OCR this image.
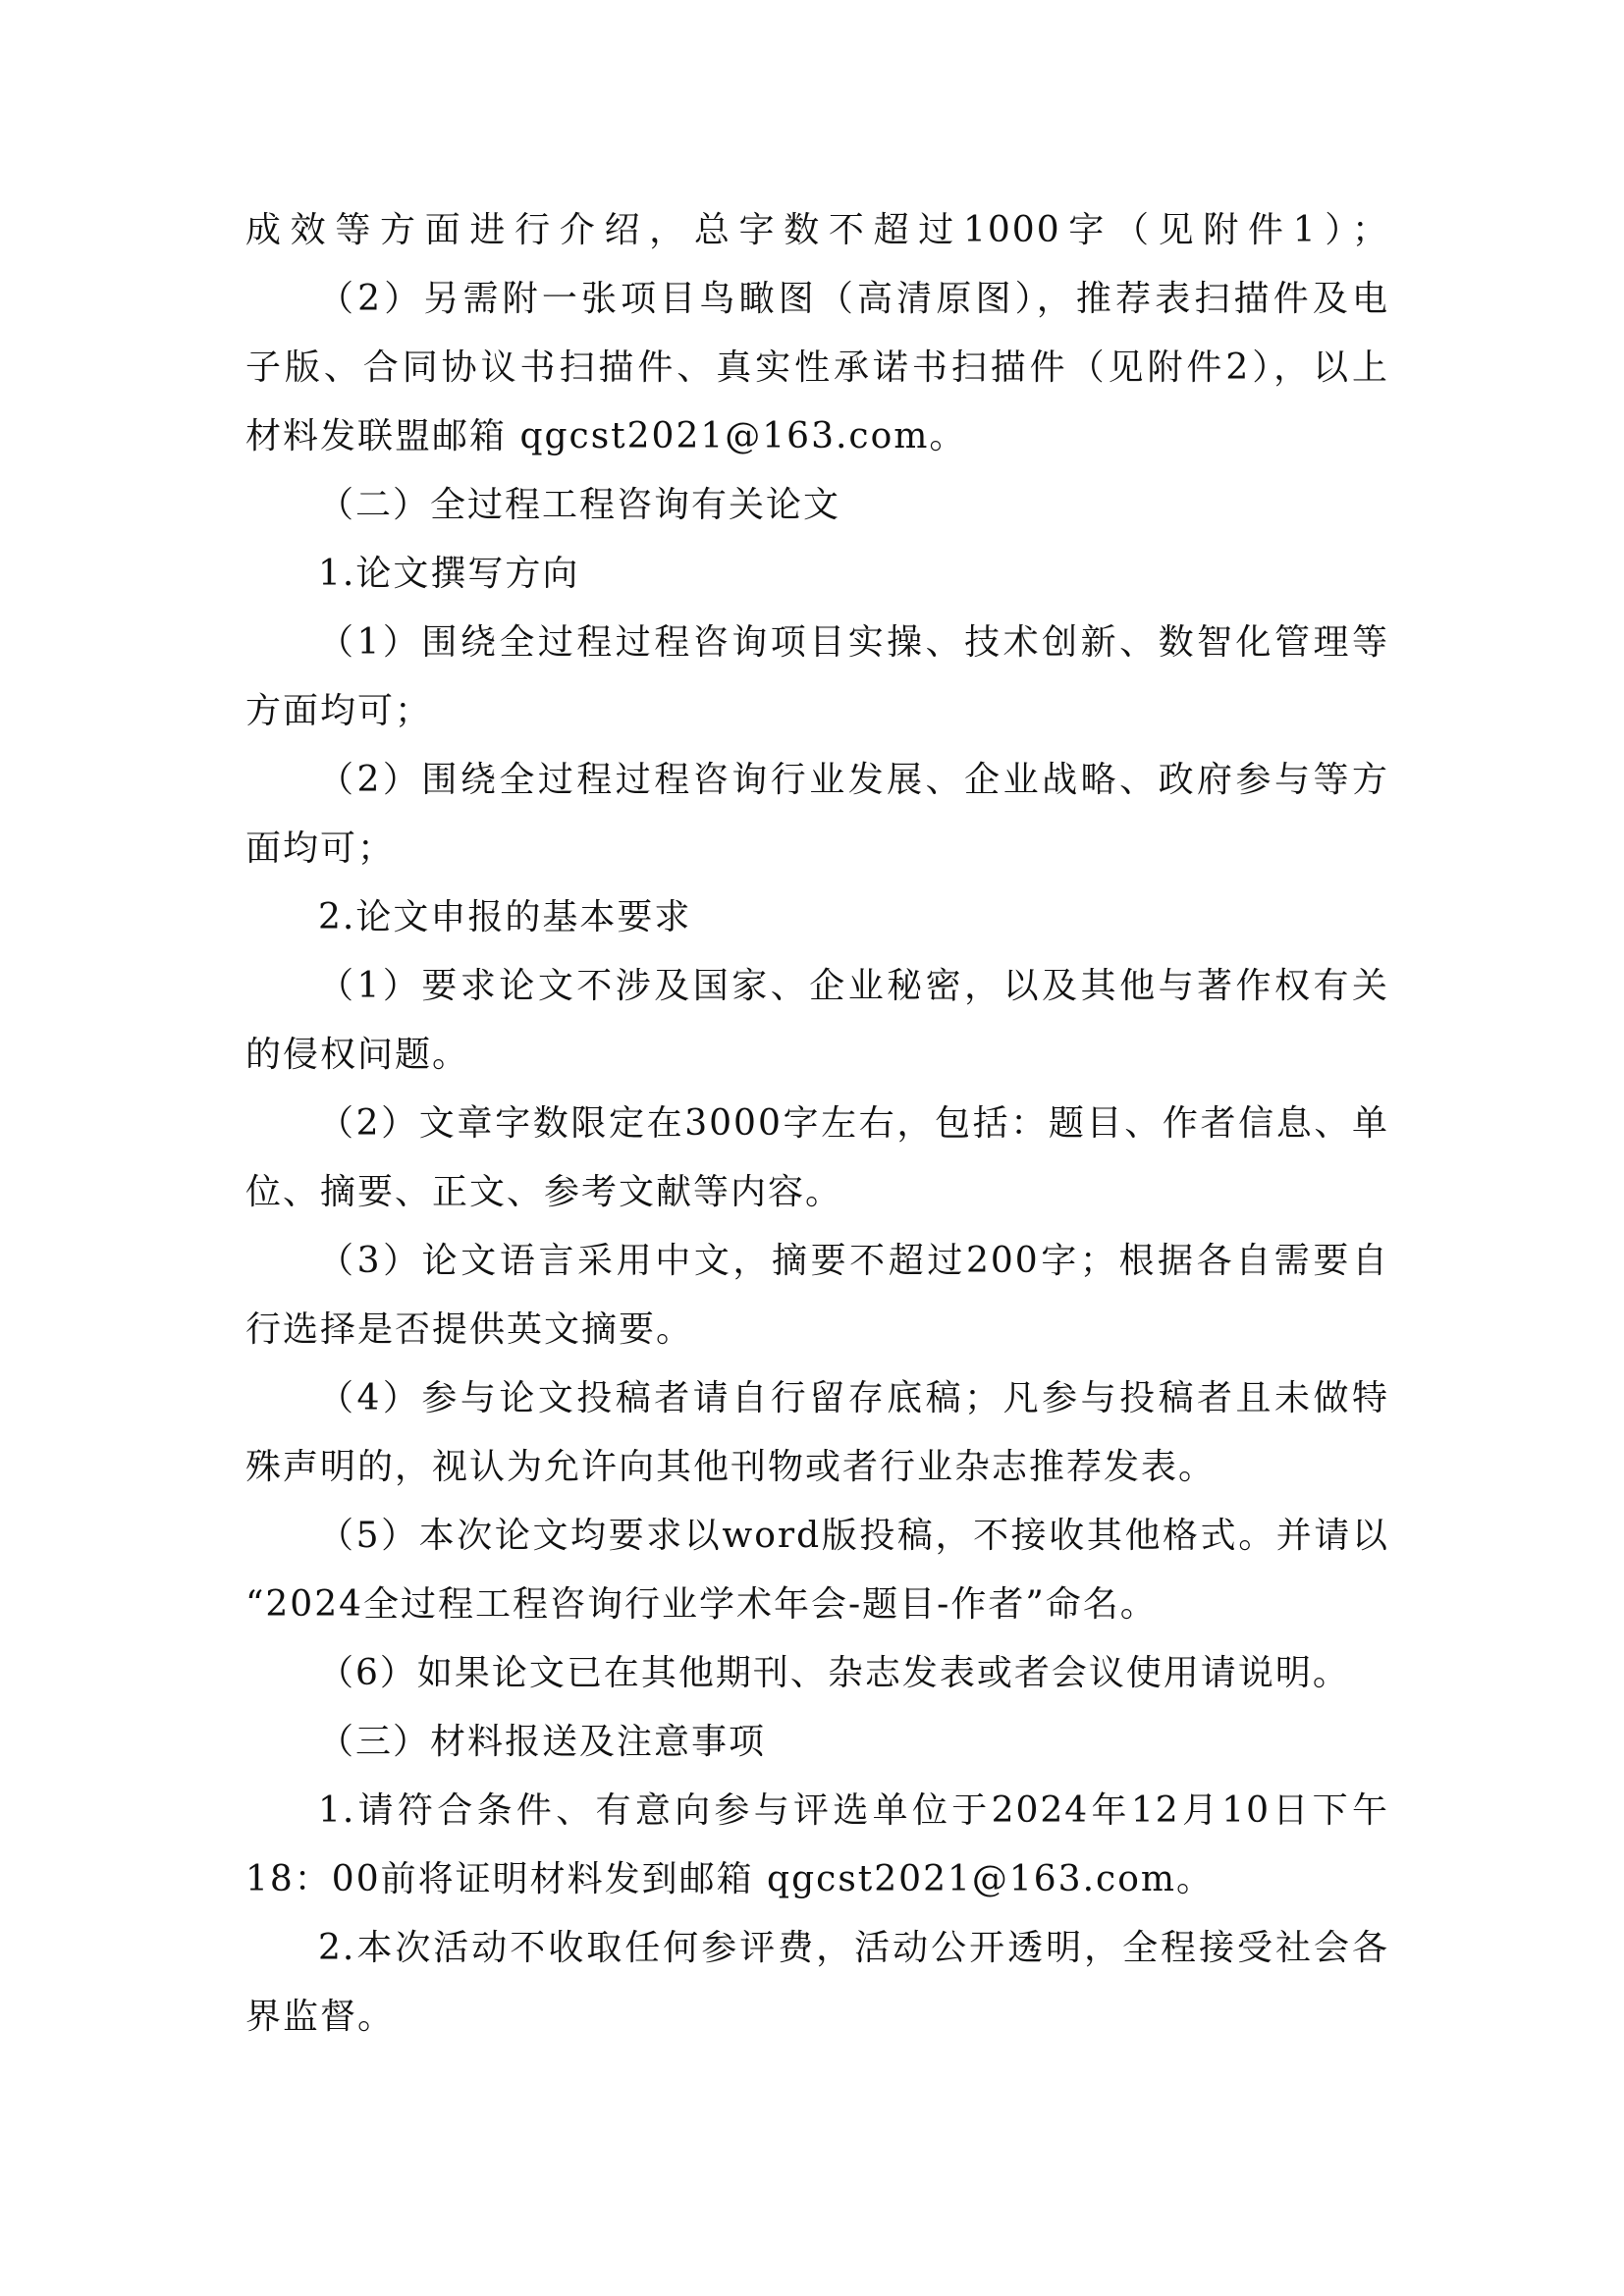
成效等方面进行介绍，总字数不超过1000字（见附件1）；
（2）另需附一张项目鸟瞰图（高清原图），推荐表扫描件及电
子版、合同协议书扫描件、真实性承诺书扫描件（见附件2），以上
材料发联盟邮箱 qgcst2021@163.com。
（二）全过程工程咨询有关论文
1.论文撰写方向
（1）围绕全过程过程咨询项目实操、技术创新、数智化管理等
方面均可；
（2）围绕全过程过程咨询行业发展、企业战略、政府参与等方
面均可；
2.论文申报的基本要求
（1）要求论文不涉及国家、企业秘密，以及其他与著作权有关
的侵权问题。
（2）文章字数限定在3000字左右，包括：题目、作者信息、单
位、摘要、正文、参考文献等内容。
（3）论文语言采用中文，摘要不超过200字；根据各自需要自
行选择是否提供英文摘要。
（4）参与论文投稿者请自行留存底稿；凡参与投稿者且未做特
殊声明的，视认为允许向其他刊物或者行业杂志推荐发表。
（5）本次论文均要求以word版投稿，不接收其他格式。并请以
“2024全过程工程咨询行业学术年会-题目-作者”命名。
（6）如果论文已在其他期刊、杂志发表或者会议使用请说明。
（三）材料报送及注意事项
1.请符合条件、有意向参与评选单位于2024年12月10日下午
18：00前将证明材料发到邮箱 qgcst2021@163.com。
2.本次活动不收取任何参评费，活动公开透明，全程接受社会各
界监督。
